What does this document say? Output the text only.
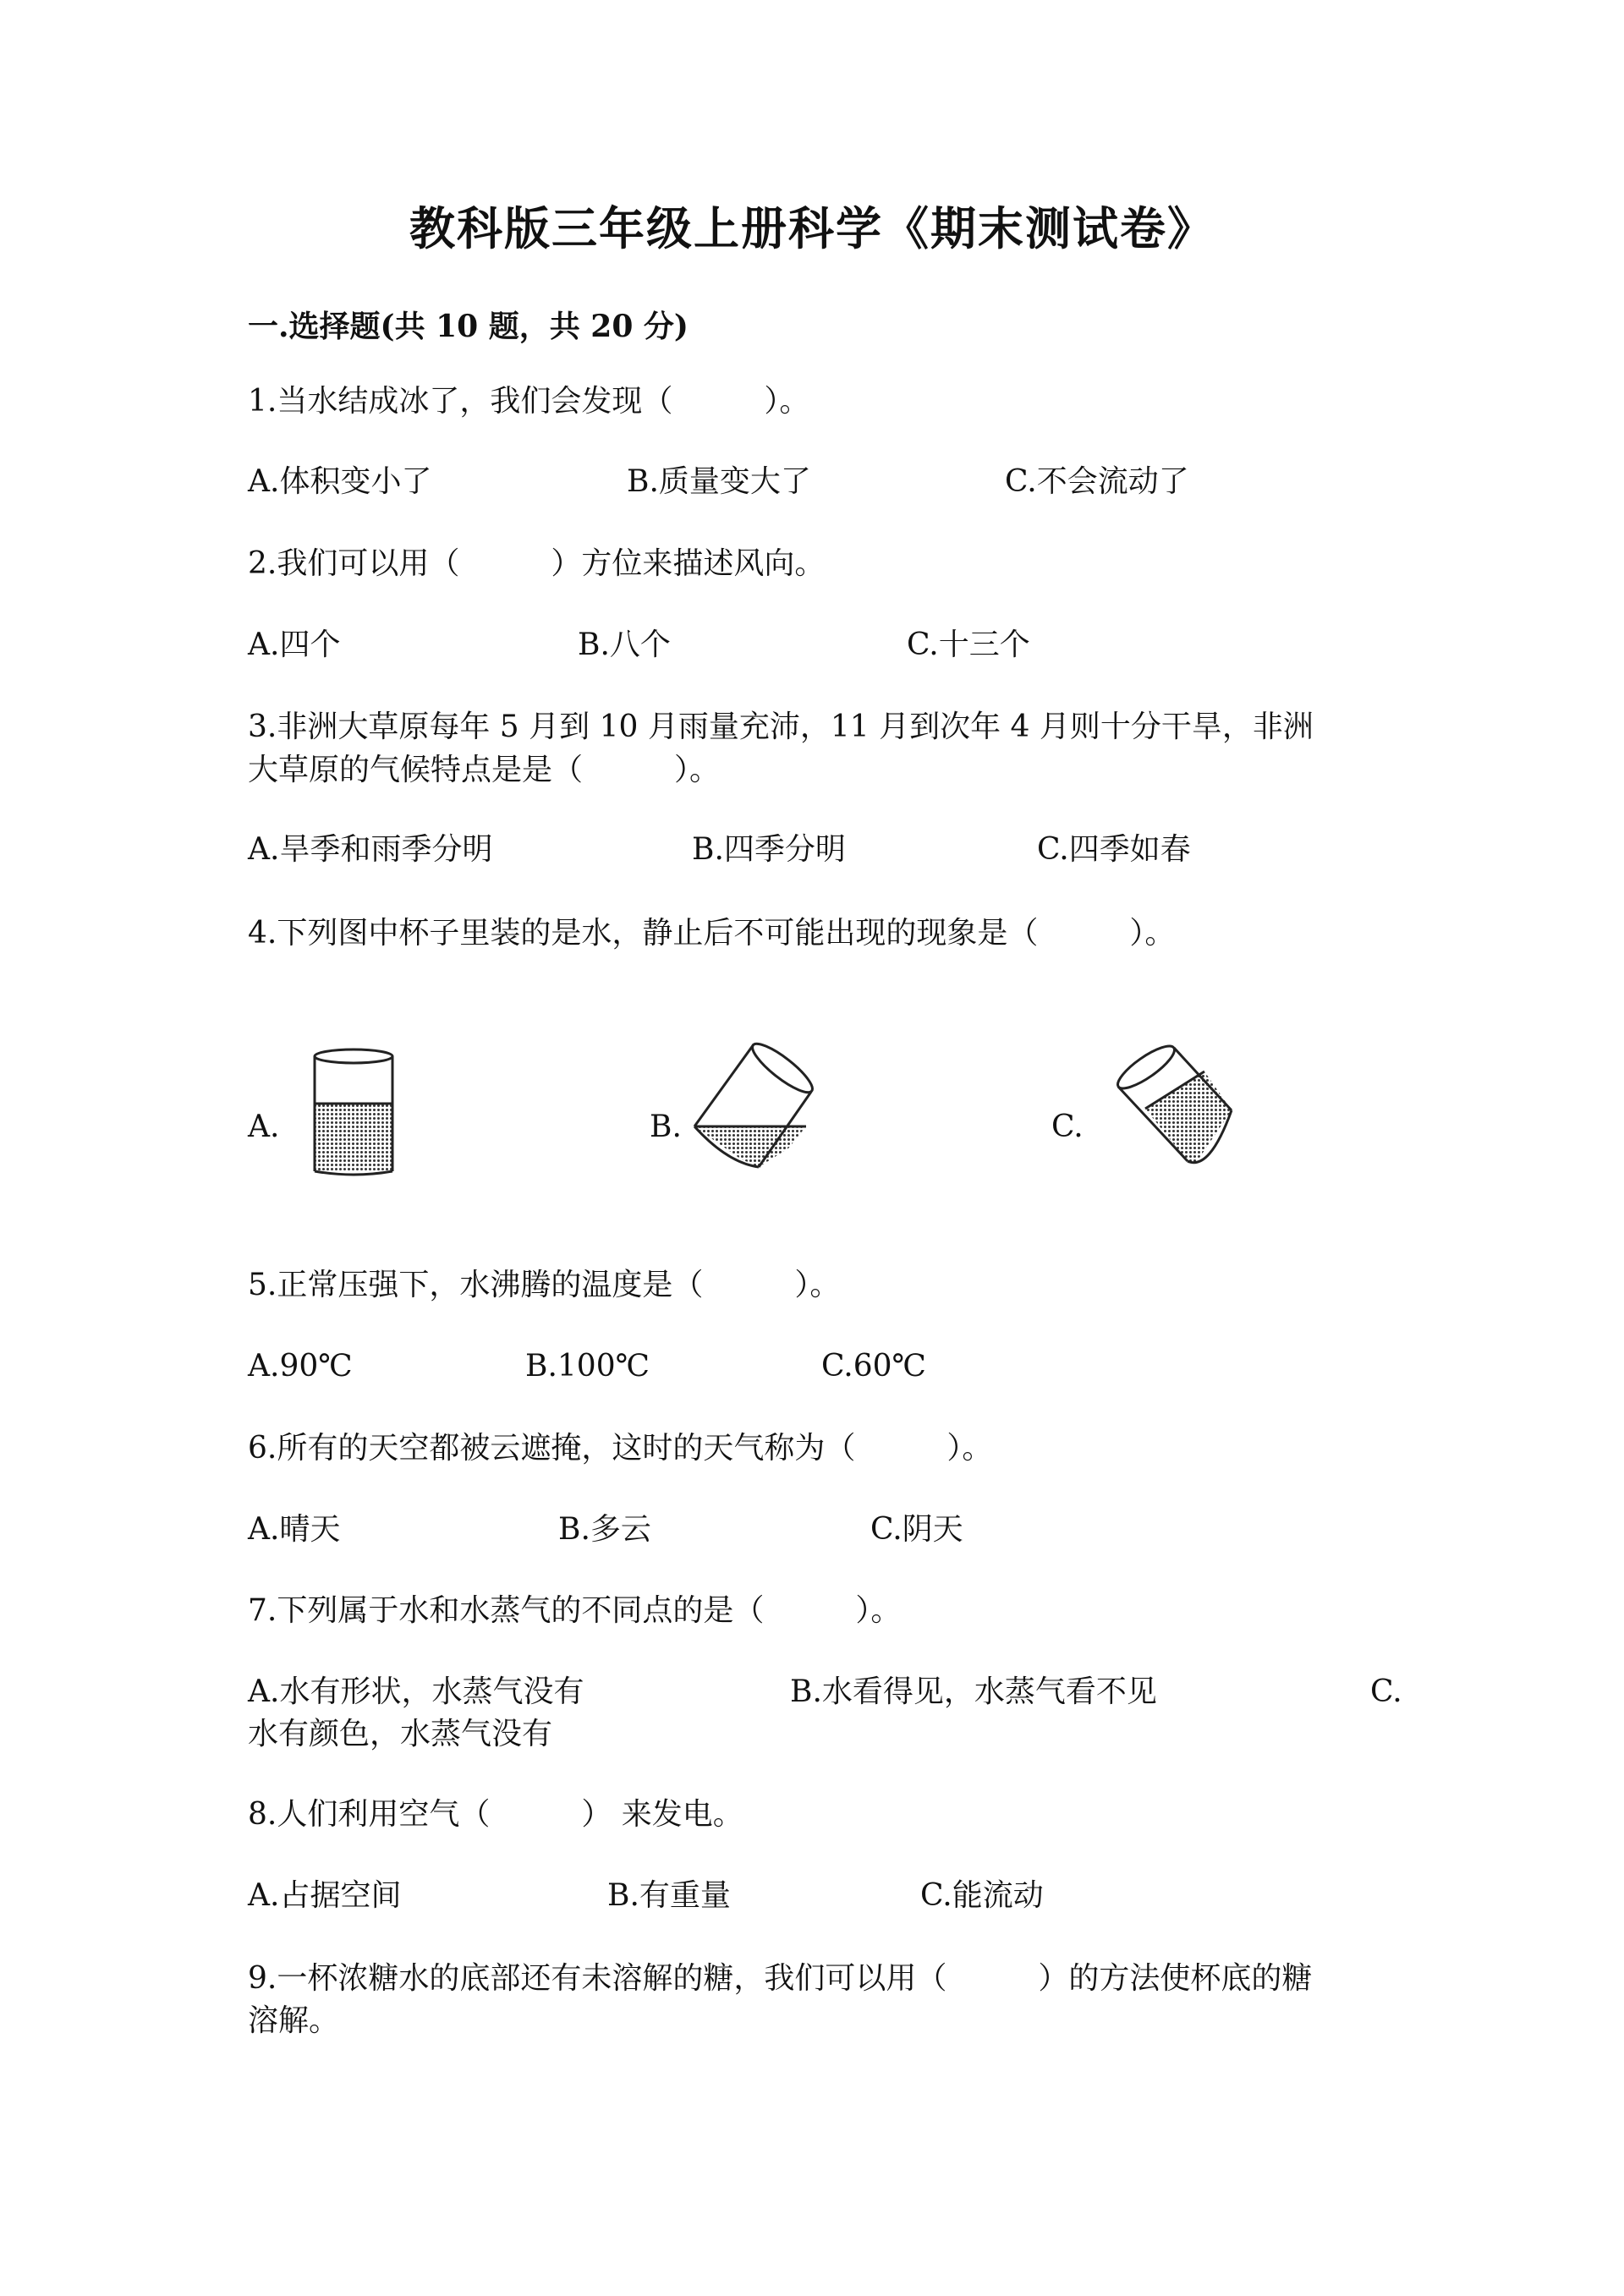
教科版三年级上册科学《期末测试卷》
一.选择题(共 10 题，共 20 分)
1.当水结成冰了，我们会发现（　　　）。
A.体积变小了	B.质量变大了	C.不会流动了
2.我们可以用（　　　）方位来描述风向。
A.四个	B.八个	C.十三个
3.非洲大草原每年 5 月到 10 月雨量充沛，11 月到次年 4 月则十分干旱，非洲
大草原的气候特点是是（　　　）。
A.旱季和雨季分明	B.四季分明	C.四季如春
4.下列图中杯子里装的是水，静止后不可能出现的现象是（　　　）。
A.	B.	C.
5.正常压强下，水沸腾的温度是（　　　）。
A.90℃	B.100℃	C.60℃
6.所有的天空都被云遮掩，这时的天气称为（　　　）。
A.晴天	B.多云	C.阴天
7.下列属于水和水蒸气的不同点的是（　　　）。
A.水有形状，水蒸气没有	B.水看得见，水蒸气看不见	C.
水有颜色，水蒸气没有
8.人们利用空气（　　　） 来发电。
A.占据空间	B.有重量	C.能流动
9.一杯浓糖水的底部还有未溶解的糖，我们可以用（　　　）的方法使杯底的糖
溶解。
